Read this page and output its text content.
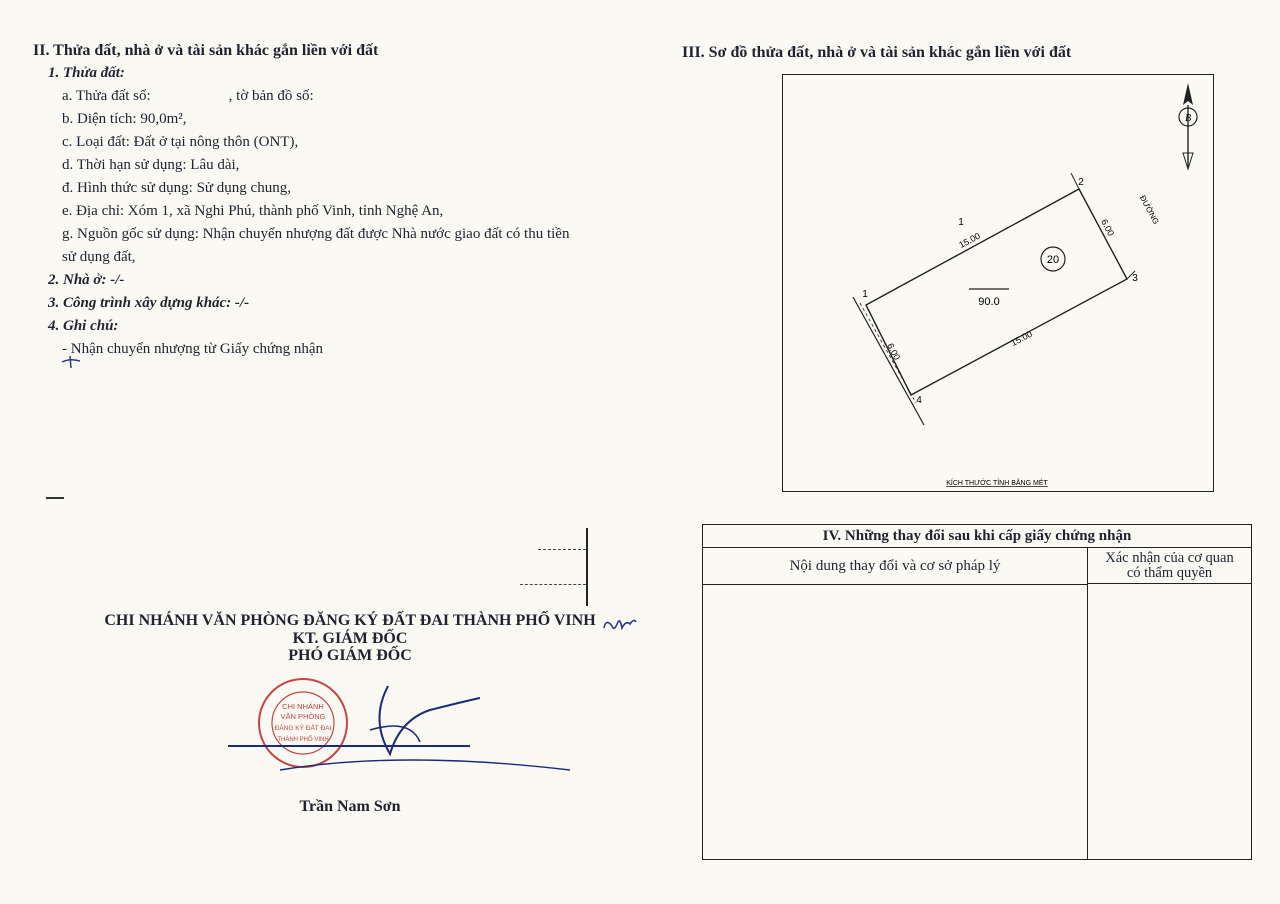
II. Thửa đất, nhà ở và tài sản khác gắn liền với đất
1. Thửa đất:
a. Thửa đất số:	, tờ bản đồ số:
b. Diện tích: 90,0m²,
c. Loại đất: Đất ở tại nông thôn (ONT),
d. Thời hạn sử dụng: Lâu dài,
đ. Hình thức sử dụng: Sử dụng chung,
e. Địa chỉ: Xóm 1, xã Nghi Phú, thành phố Vinh, tỉnh Nghệ An,
g. Nguồn gốc sử dụng: Nhận chuyển nhượng đất được Nhà nước giao đất có thu tiền
sử dụng đất,
2. Nhà ở: -/-
3. Công trình xây dựng khác: -/-
4. Ghi chú:
- Nhận chuyển nhượng từ Giấy chứng nhận
III. Sơ đồ thửa đất, nhà ở và tài sản khác gắn liền với đất
20
90.0
1
15.00
15.00
6.00
6.00
ĐƯỜNG
1
2
3
4
B
KÍCH THƯỚC TÍNH BẰNG MÉT
IV. Những thay đổi sau khi cấp giấy chứng nhận
Nội dung thay đổi và cơ sở pháp lý	Xác nhận của cơ quan
có thẩm quyền
CHI NHÁNH VĂN PHÒNG ĐĂNG KÝ ĐẤT ĐAI THÀNH PHỐ VINH
KT. GIÁM ĐỐC
PHÓ GIÁM ĐỐC
CHI NHÁNH
VĂN PHÒNG
ĐĂNG KÝ ĐẤT ĐAI
THÀNH PHỐ VINH
Trần Nam Sơn
